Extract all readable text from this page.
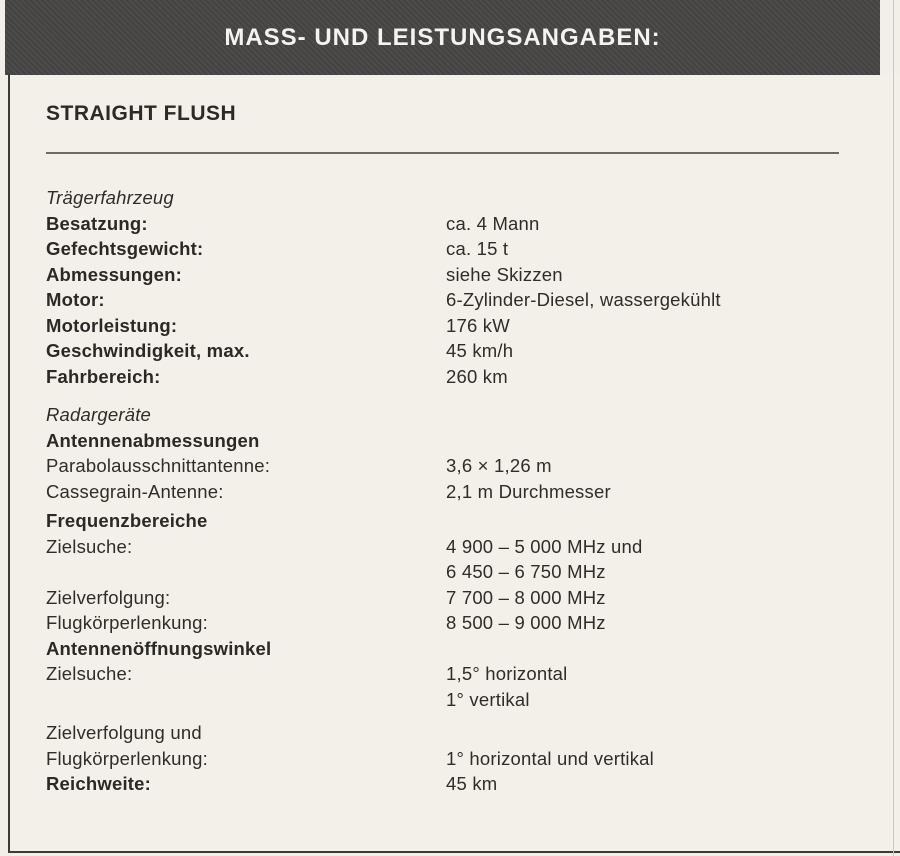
MASS- UND LEISTUNGSANGABEN:
STRAIGHT FLUSH
Trägerfahrzeug
Besatzung:	ca. 4 Mann
Gefechtsgewicht:	ca. 15 t
Abmessungen:	siehe Skizzen
Motor:	6-Zylinder-Diesel, wassergekühlt
Motorleistung:	176 kW
Geschwindigkeit, max.	45 km/h
Fahrbereich:	260 km
Radargeräte
Antennenabmessungen
Parabolausschnittantenne:	3,6 × 1,26 m
Cassegrain-Antenne:	2,1 m Durchmesser
Frequenzbereiche
Zielsuche:	4 900 – 5 000 MHz und
6 450 – 6 750 MHz
Zielverfolgung:	7 700 – 8 000 MHz
Flugkörperlenkung:	8 500 – 9 000 MHz
Antennenöffnungswinkel
Zielsuche:	1,5° horizontal
1° vertikal
Zielverfolgung und
Flugkörperlenkung:	1° horizontal und vertikal
Reichweite:	45 km
